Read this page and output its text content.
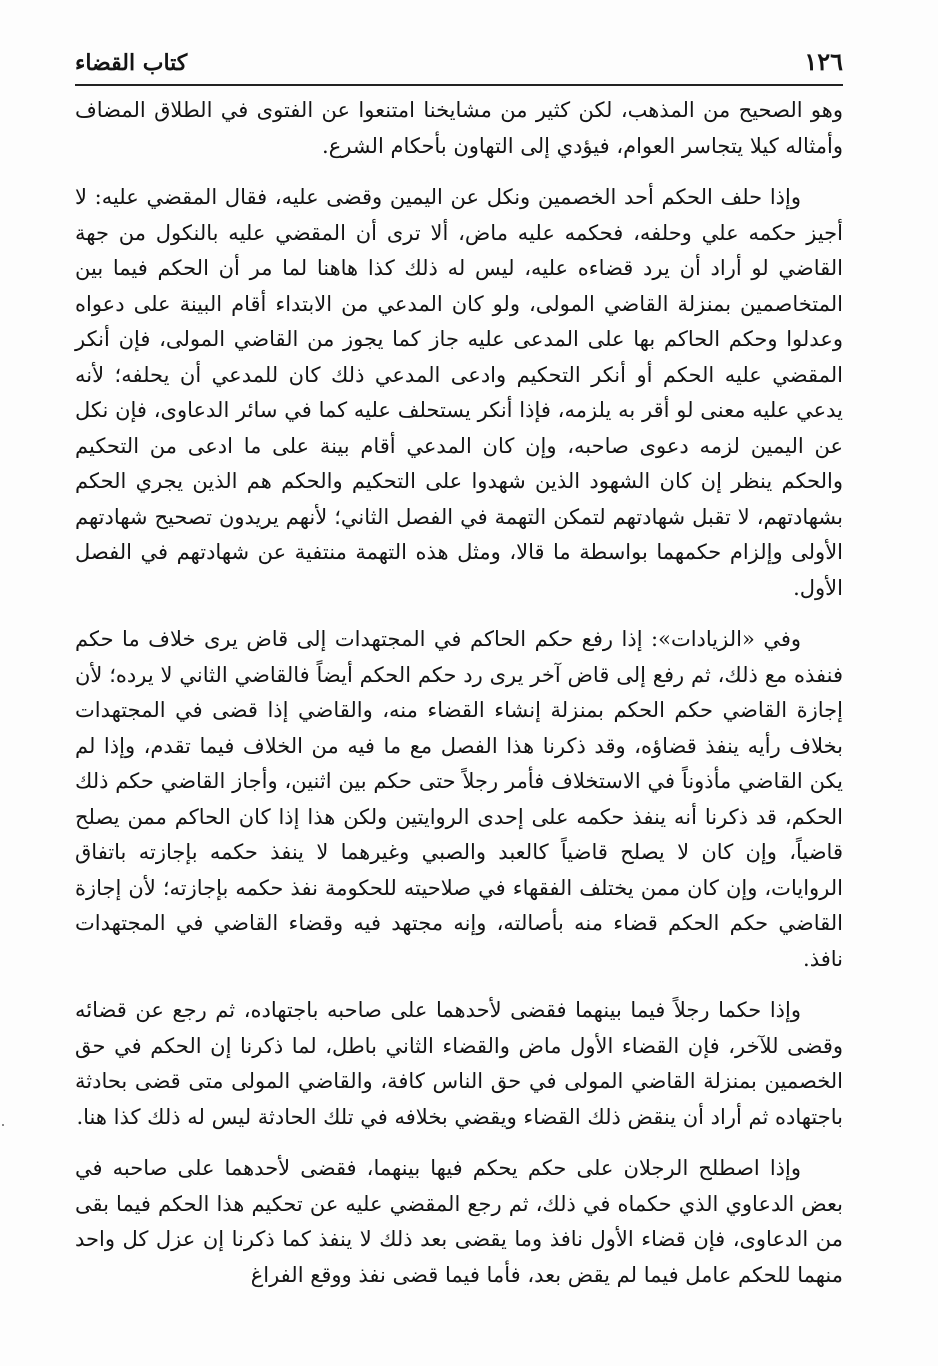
١٢٦
كتاب القضاء

وهو الصحيح من المذهب، لكن كثير من مشايخنا امتنعوا عن الفتوى في الطلاق المضاف وأمثاله كيلا يتجاسر العوام، فيؤدي إلى التهاون بأحكام الشرع.

وإذا حلف الحكم أحد الخصمين ونكل عن اليمين وقضى عليه، فقال المقضي عليه: لا أجيز حكمه علي وحلفه، فحكمه عليه ماض، ألا ترى أن المقضي عليه بالنكول من جهة القاضي لو أراد أن يرد قضاءه عليه، ليس له ذلك كذا هاهنا لما مر أن الحكم فيما بين المتخاصمين بمنزلة القاضي المولى، ولو كان المدعي من الابتداء أقام البينة على دعواه وعدلوا وحكم الحاكم بها على المدعى عليه جاز كما يجوز من القاضي المولى، فإن أنكر المقضي عليه الحكم أو أنكر التحكيم وادعى المدعي ذلك كان للمدعي أن يحلفه؛ لأنه يدعي عليه معنى لو أقر به يلزمه، فإذا أنكر يستحلف عليه كما في سائر الدعاوى، فإن نكل عن اليمين لزمه دعوى صاحبه، وإن كان المدعي أقام بينة على ما ادعى من التحكيم والحكم ينظر إن كان الشهود الذين شهدوا على التحكيم والحكم هم الذين يجري الحكم بشهادتهم، لا تقبل شهادتهم لتمكن التهمة في الفصل الثاني؛ لأنهم يريدون تصحيح شهادتهم الأولى وإلزام حكمهما بواسطة ما قالا، ومثل هذه التهمة منتفية عن شهادتهم في الفصل الأول.

وفي «الزيادات»: إذا رفع حكم الحاكم في المجتهدات إلى قاض يرى خلاف ما حكم فنفذه مع ذلك، ثم رفع إلى قاض آخر يرى رد حكم الحكم أيضاً فالقاضي الثاني لا يرده؛ لأن إجازة القاضي حكم الحكم بمنزلة إنشاء القضاء منه، والقاضي إذا قضى في المجتهدات بخلاف رأيه ينفذ قضاؤه، وقد ذكرنا هذا الفصل مع ما فيه من الخلاف فيما تقدم، وإذا لم يكن القاضي مأذوناً في الاستخلاف فأمر رجلاً حتى حكم بين اثنين، وأجاز القاضي حكم ذلك الحكم، قد ذكرنا أنه ينفذ حكمه على إحدى الروايتين ولكن هذا إذا كان الحاكم ممن يصلح قاضياً، وإن كان لا يصلح قاضياً كالعبد والصبي وغيرهما لا ينفذ حكمه بإجازته باتفاق الروايات، وإن كان ممن يختلف الفقهاء في صلاحيته للحكومة نفذ حكمه بإجازته؛ لأن إجازة القاضي حكم الحكم قضاء منه بأصالته، وإنه مجتهد فيه وقضاء القاضي في المجتهدات نافذ.

وإذا حكما رجلاً فيما بينهما فقضى لأحدهما على صاحبه باجتهاده، ثم رجع عن قضائه وقضى للآخر، فإن القضاء الأول ماض والقضاء الثاني باطل، لما ذكرنا إن الحكم في حق الخصمين بمنزلة القاضي المولى في حق الناس كافة، والقاضي المولى متى قضى بحادثة باجتهاده ثم أراد أن ينقض ذلك القضاء ويقضي بخلافه في تلك الحادثة ليس له ذلك كذا هنا.

وإذا اصطلح الرجلان على حكم يحكم فيها بينهما، فقضى لأحدهما على صاحبه في بعض الدعاوي الذي حكماه في ذلك، ثم رجع المقضي عليه عن تحكيم هذا الحكم فيما بقى من الدعاوى، فإن قضاء الأول نافذ وما يقضى بعد ذلك لا ينفذ كما ذكرنا إن عزل كل واحد منهما للحكم عامل فيما لم يقض بعد، فأما فيما قضى نفذ ووقع الفراغ
